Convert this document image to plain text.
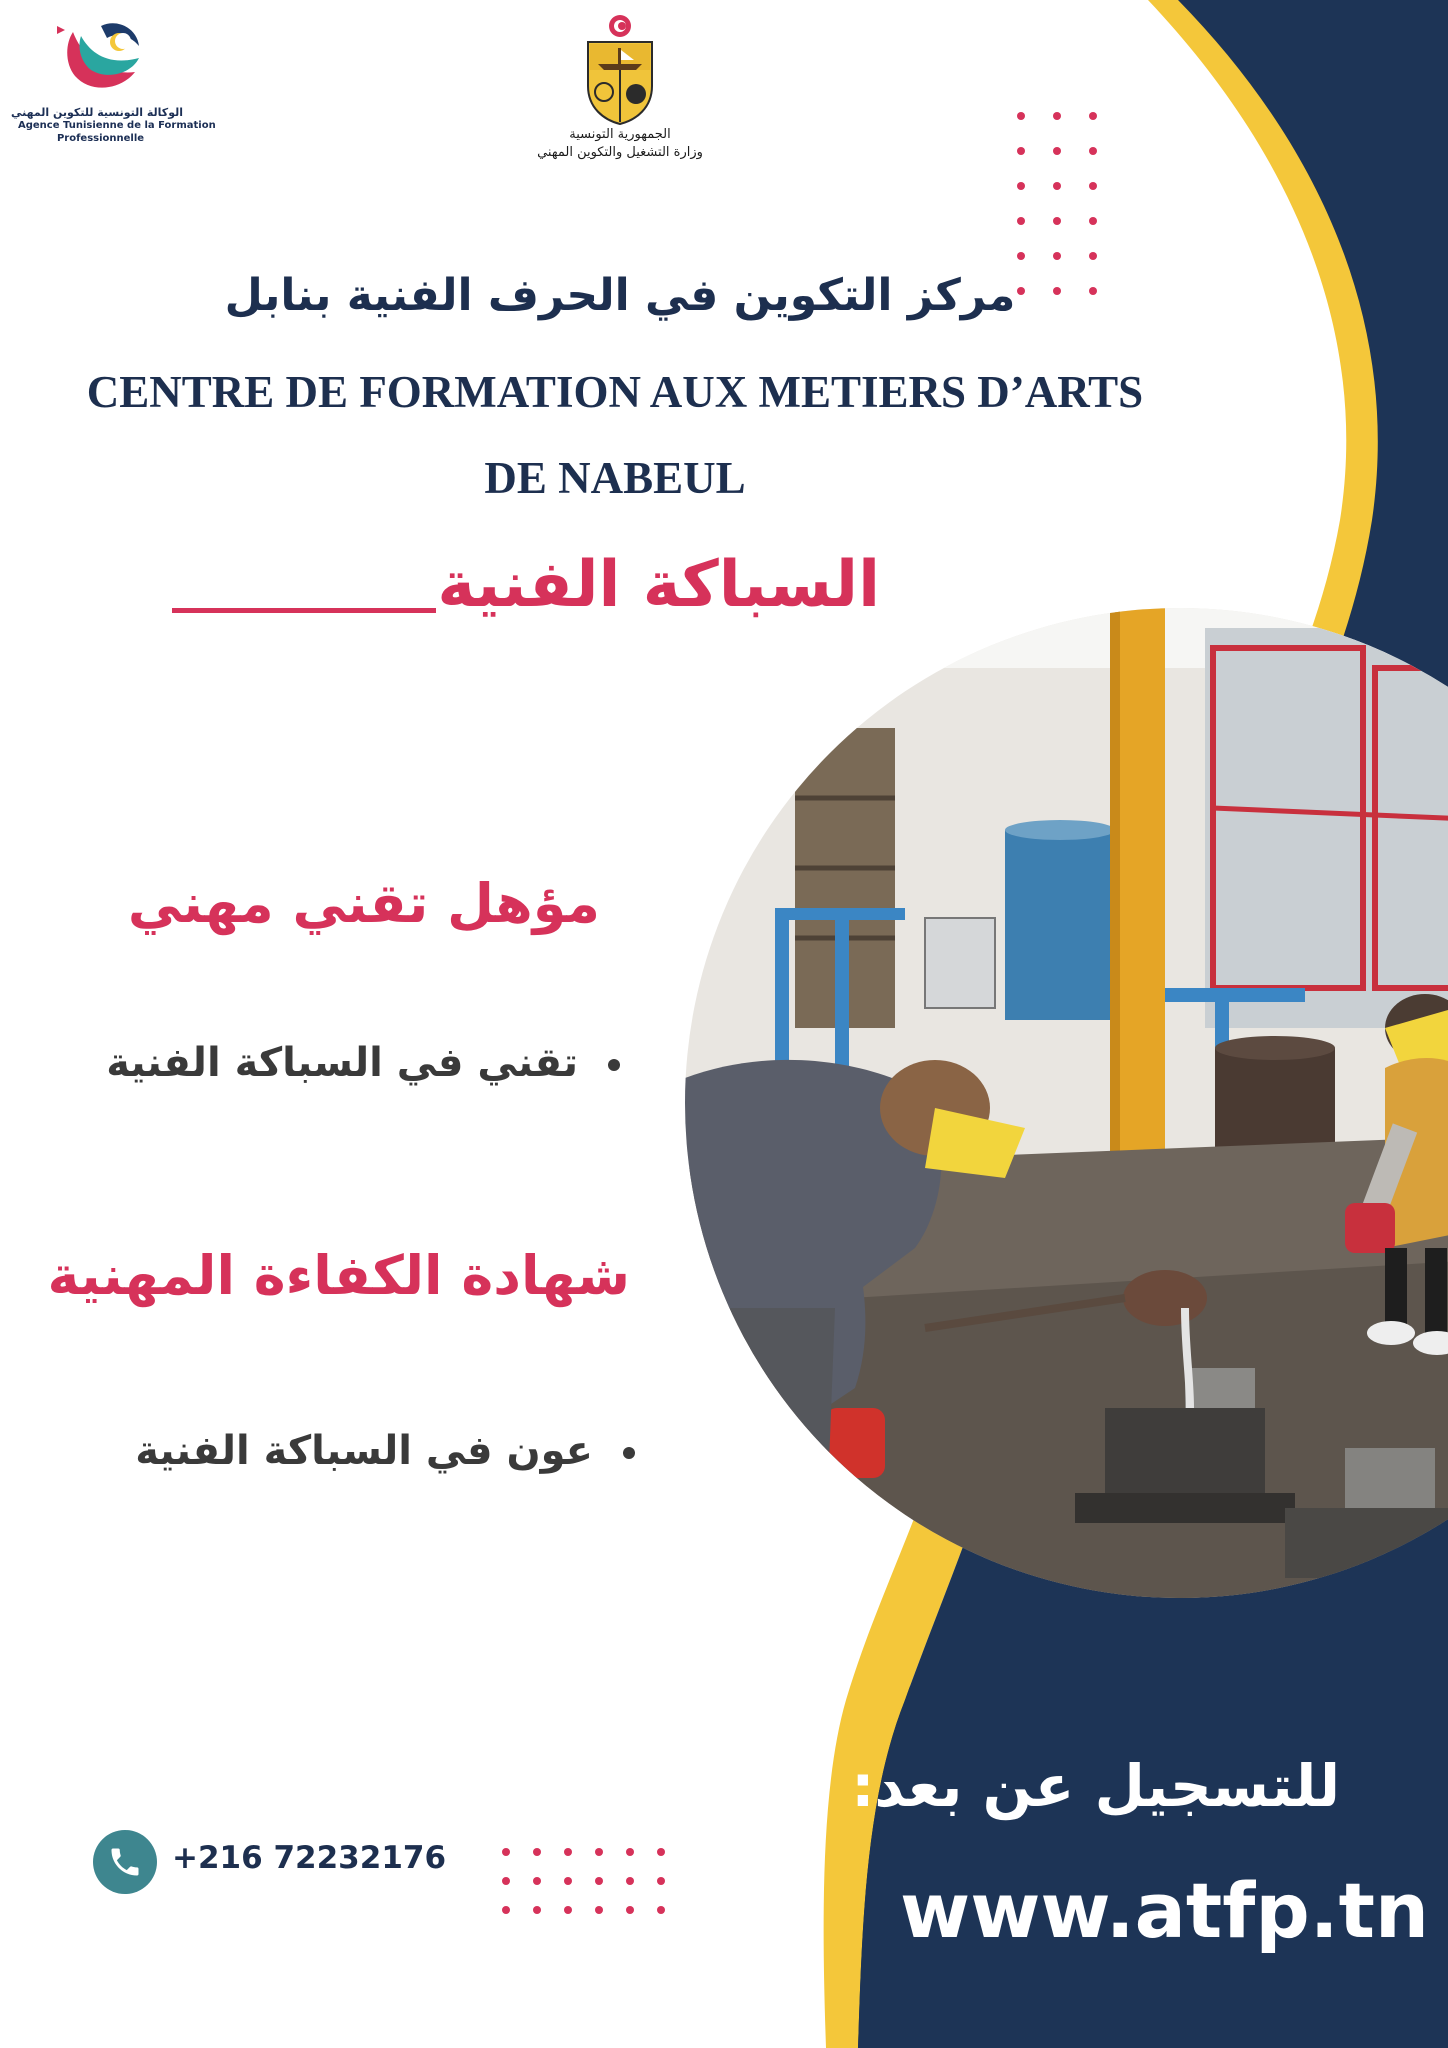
الوكالة التونسية للتكوين المهني
Agence Tunisienne de la Formation
Professionnelle	الجمهورية التونسية
وزارة التشغيل والتكوين المهني
مركز التكوين في الحرف الفنية بنابل
CENTRE DE FORMATION AUX METIERS D’ARTS
DE NABEUL
السباكة الفنية
مؤهل تقني مهني
تقني في السباكة الفنية
شهادة الكفاءة المهنية
عون في السباكة الفنية
+216 72232176
للتسجيل عن بعد:
www.atfp.tn
